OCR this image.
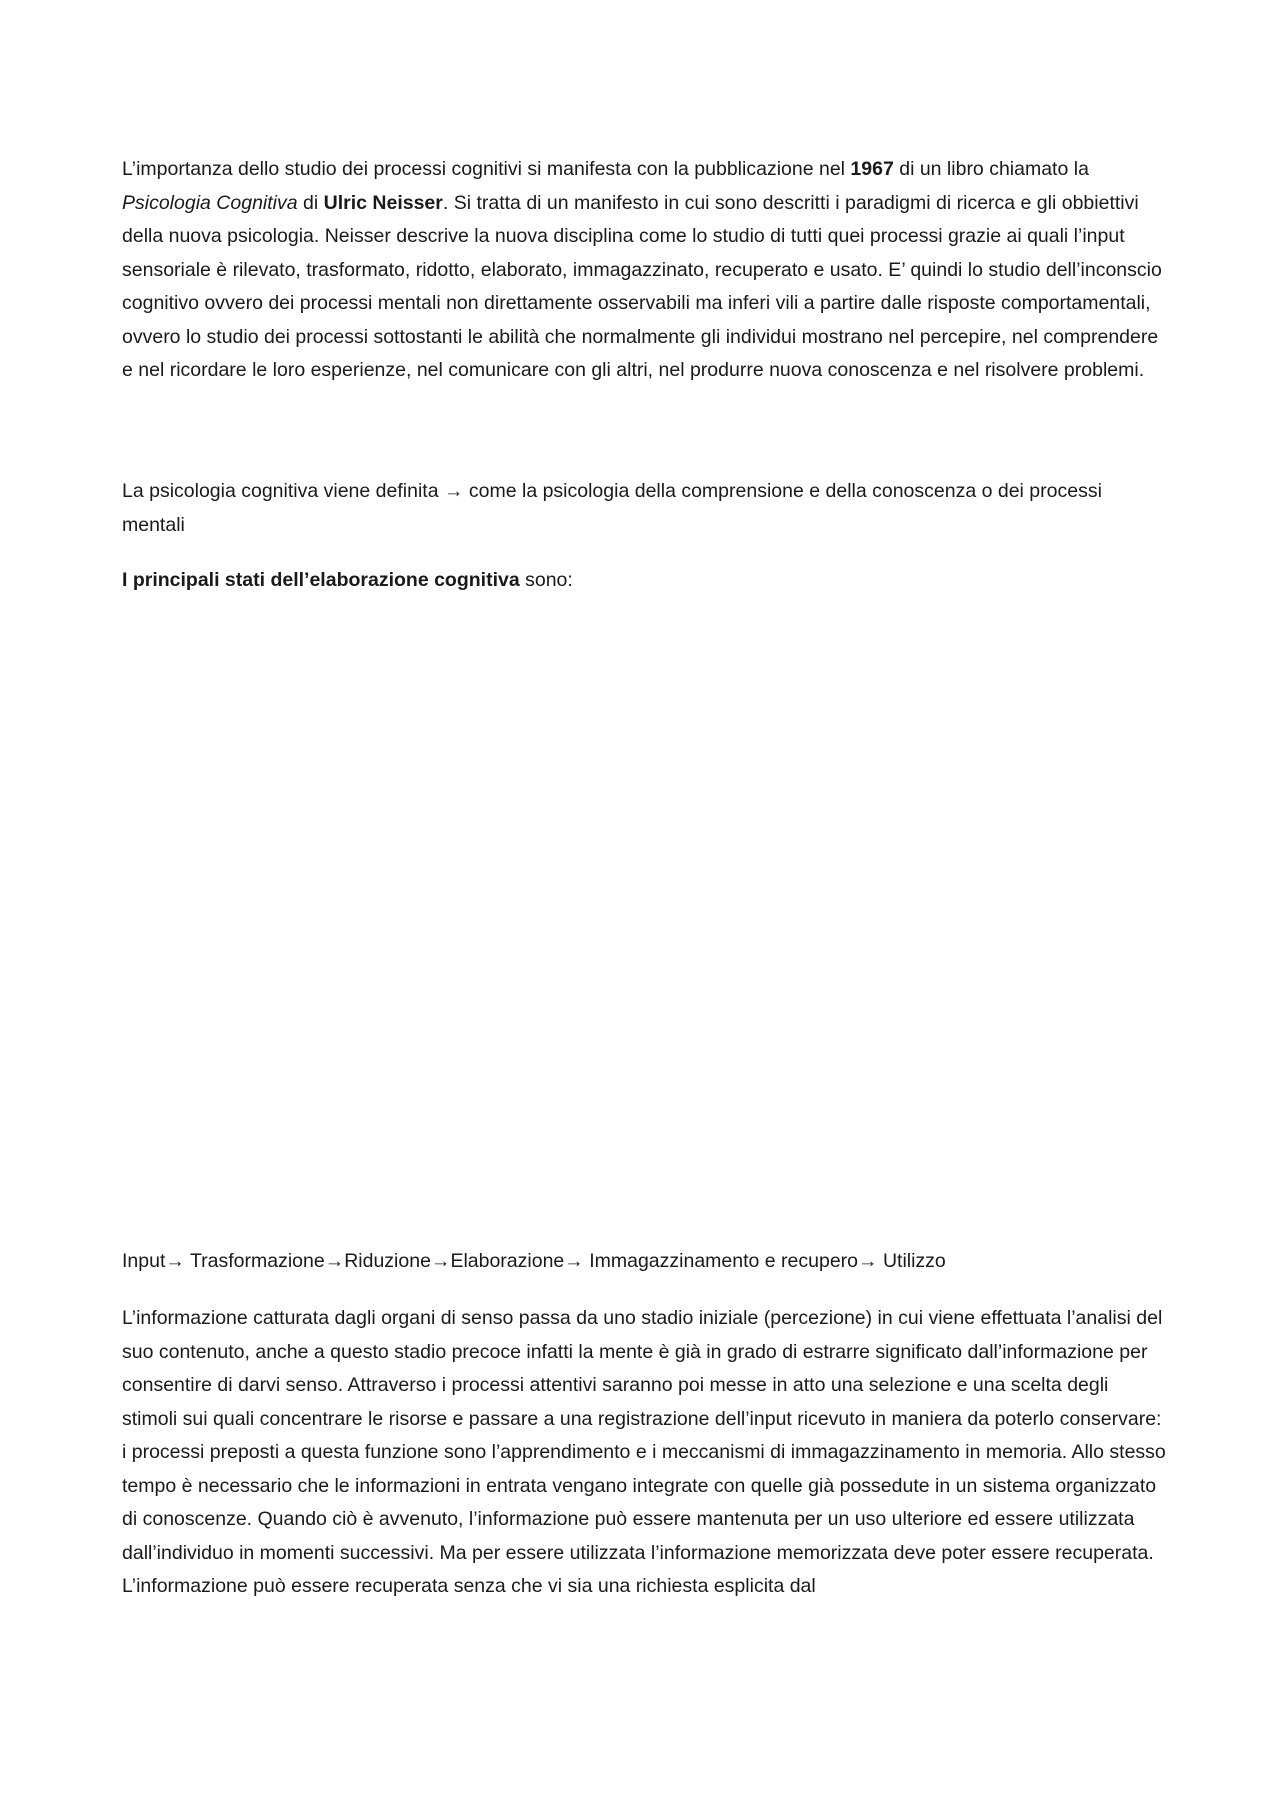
L’importanza dello studio dei processi cognitivi si manifesta con la pubblicazione nel 1967 di un libro chiamato la Psicologia Cognitiva di Ulric Neisser. Si tratta di un manifesto in cui sono descritti i paradigmi di ricerca e gli obbiettivi della nuova psicologia. Neisser descrive la nuova disciplina come lo studio di tutti quei processi grazie ai quali l’input sensoriale è rilevato, trasformato, ridotto, elaborato, immagazzinato, recuperato e usato. E’ quindi lo studio dell’inconscio cognitivo ovvero dei processi mentali non direttamente osservabili ma inferi vili a partire dalle risposte comportamentali, ovvero lo studio dei processi sottostanti le abilità che normalmente gli individui mostrano nel percepire, nel comprendere e nel ricordare le loro esperienze, nel comunicare con gli altri, nel produrre nuova conoscenza e nel risolvere problemi.

La psicologia cognitiva viene definita → come la psicologia della comprensione e della conoscenza o dei processi mentali

I principali stati dell’elaborazione cognitiva sono:

Input→ Trasformazione→Riduzione→Elaborazione→ Immagazzinamento e recupero→ Utilizzo

L’informazione catturata dagli organi di senso passa da uno stadio iniziale (percezione) in cui viene effettuata l’analisi del suo contenuto, anche a questo stadio precoce infatti la mente è già in grado di estrarre significato dall’informazione per consentire di darvi senso. Attraverso i processi attentivi saranno poi messe in atto una selezione e una scelta degli stimoli sui quali concentrare le risorse e passare a una registrazione dell’input ricevuto in maniera da poterlo conservare: i processi preposti a questa funzione sono l’apprendimento e i meccanismi di immagazzinamento in memoria. Allo stesso tempo è necessario che le informazioni in entrata vengano integrate con quelle già possedute in un sistema organizzato di conoscenze. Quando ciò è avvenuto, l’informazione può essere mantenuta per un uso ulteriore ed essere utilizzata dall’individuo in momenti successivi. Ma per essere utilizzata l’informazione memorizzata deve poter essere recuperata. L’informazione può essere recuperata senza che vi sia una richiesta esplicita dal
